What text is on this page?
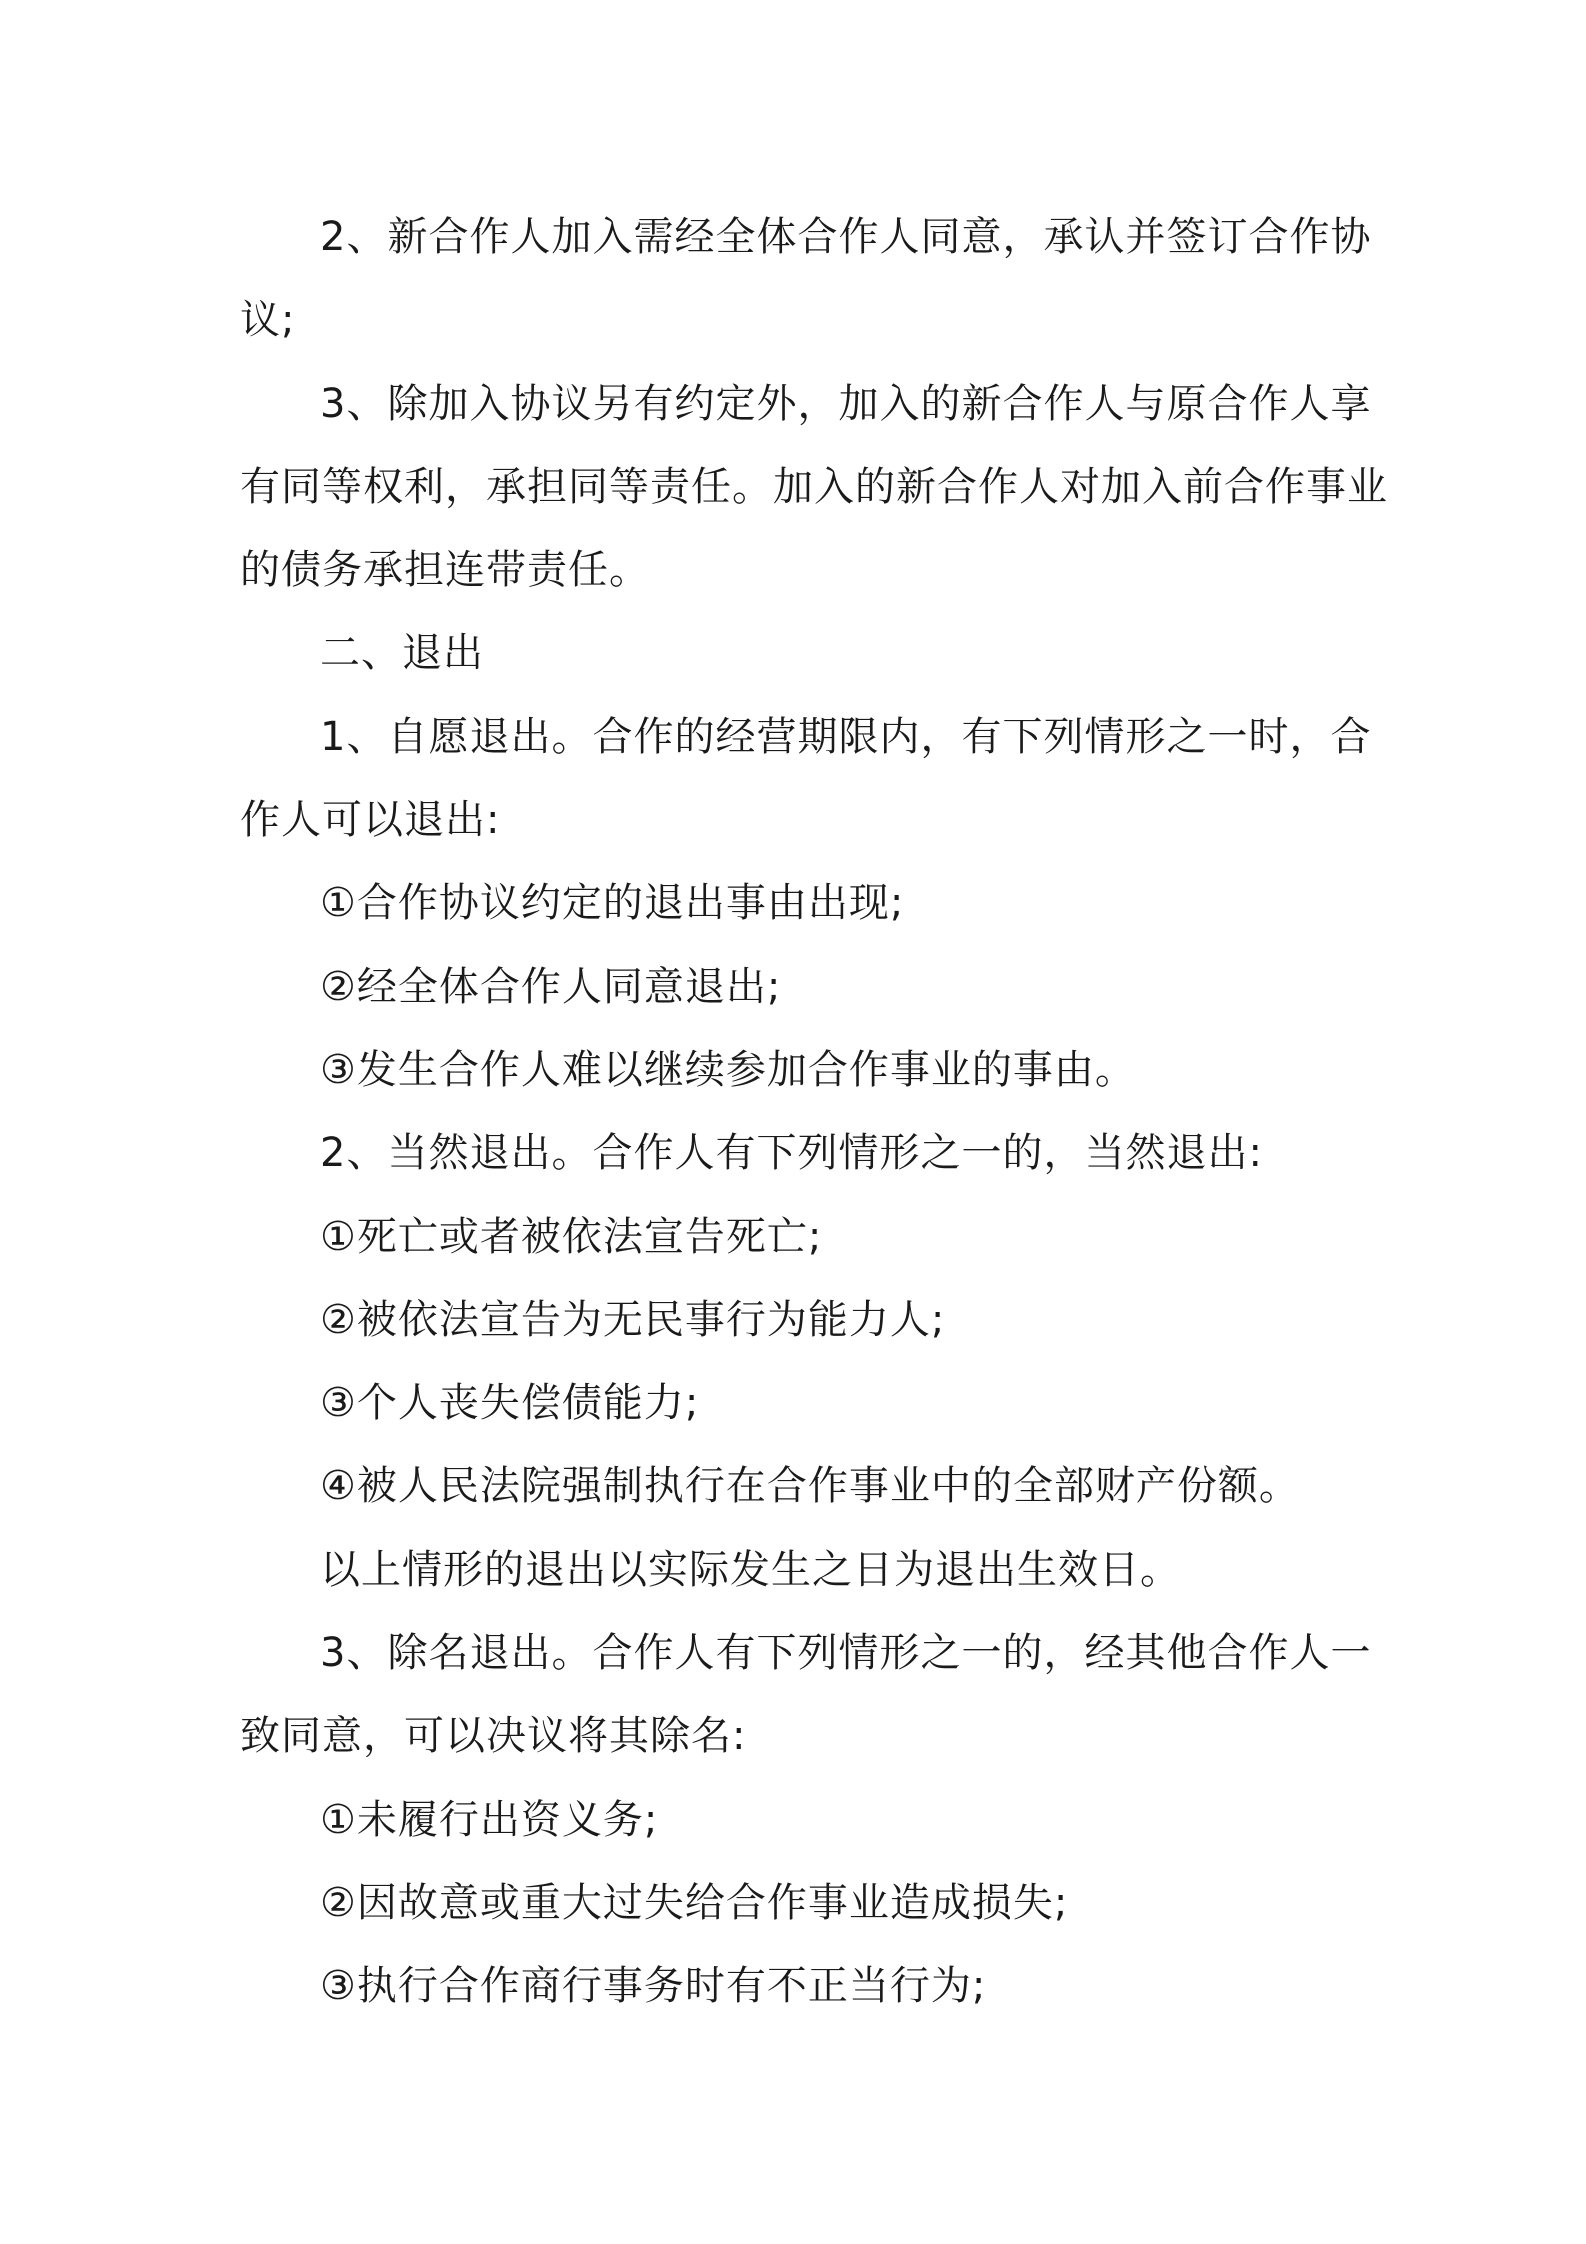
2、新合作人加入需经全体合作人同意，承认并签订合作协

议;

3、除加入协议另有约定外，加入的新合作人与原合作人享

有同等权利，承担同等责任。加入的新合作人对加入前合作事业

的债务承担连带责任。

二、退出

1、自愿退出。合作的经营期限内，有下列情形之一时，合

作人可以退出:

①合作协议约定的退出事由出现;

②经全体合作人同意退出;

③发生合作人难以继续参加合作事业的事由。

2、当然退出。合作人有下列情形之一的，当然退出:

①死亡或者被依法宣告死亡;

②被依法宣告为无民事行为能力人;

③个人丧失偿债能力;

④被人民法院强制执行在合作事业中的全部财产份额。

以上情形的退出以实际发生之日为退出生效日。

3、除名退出。合作人有下列情形之一的，经其他合作人一

致同意，可以决议将其除名:

①未履行出资义务;

②因故意或重大过失给合作事业造成损失;

③执行合作商行事务时有不正当行为;
